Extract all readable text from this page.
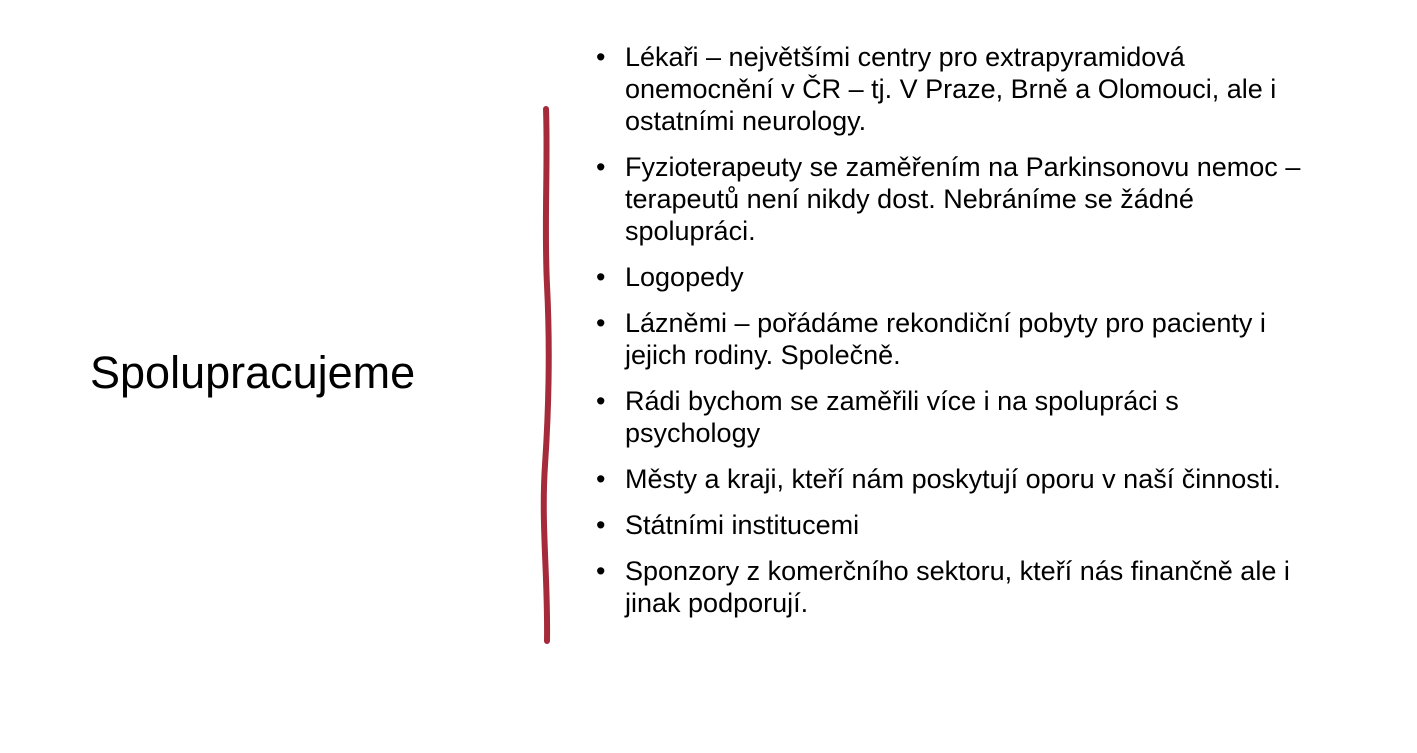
Spolupracujeme
• Lékaři – největšími centry pro extrapyramidová onemocnění v ČR – tj. V Praze, Brně a Olomouci, ale i ostatními neurology.
• Fyzioterapeuty se zaměřením na Parkinsonovu nemoc – terapeutů není nikdy dost. Nebráníme se žádné spolupráci.
• Logopedy
• Lázněmi – pořádáme rekondiční pobyty pro pacienty i jejich rodiny. Společně.
• Rádi bychom se zaměřili více i na spolupráci s psychology
• Městy a kraji, kteří nám poskytují oporu v naší činnosti.
• Státními institucemi
• Sponzory z komerčního sektoru, kteří nás finančně ale i jinak podporují.
